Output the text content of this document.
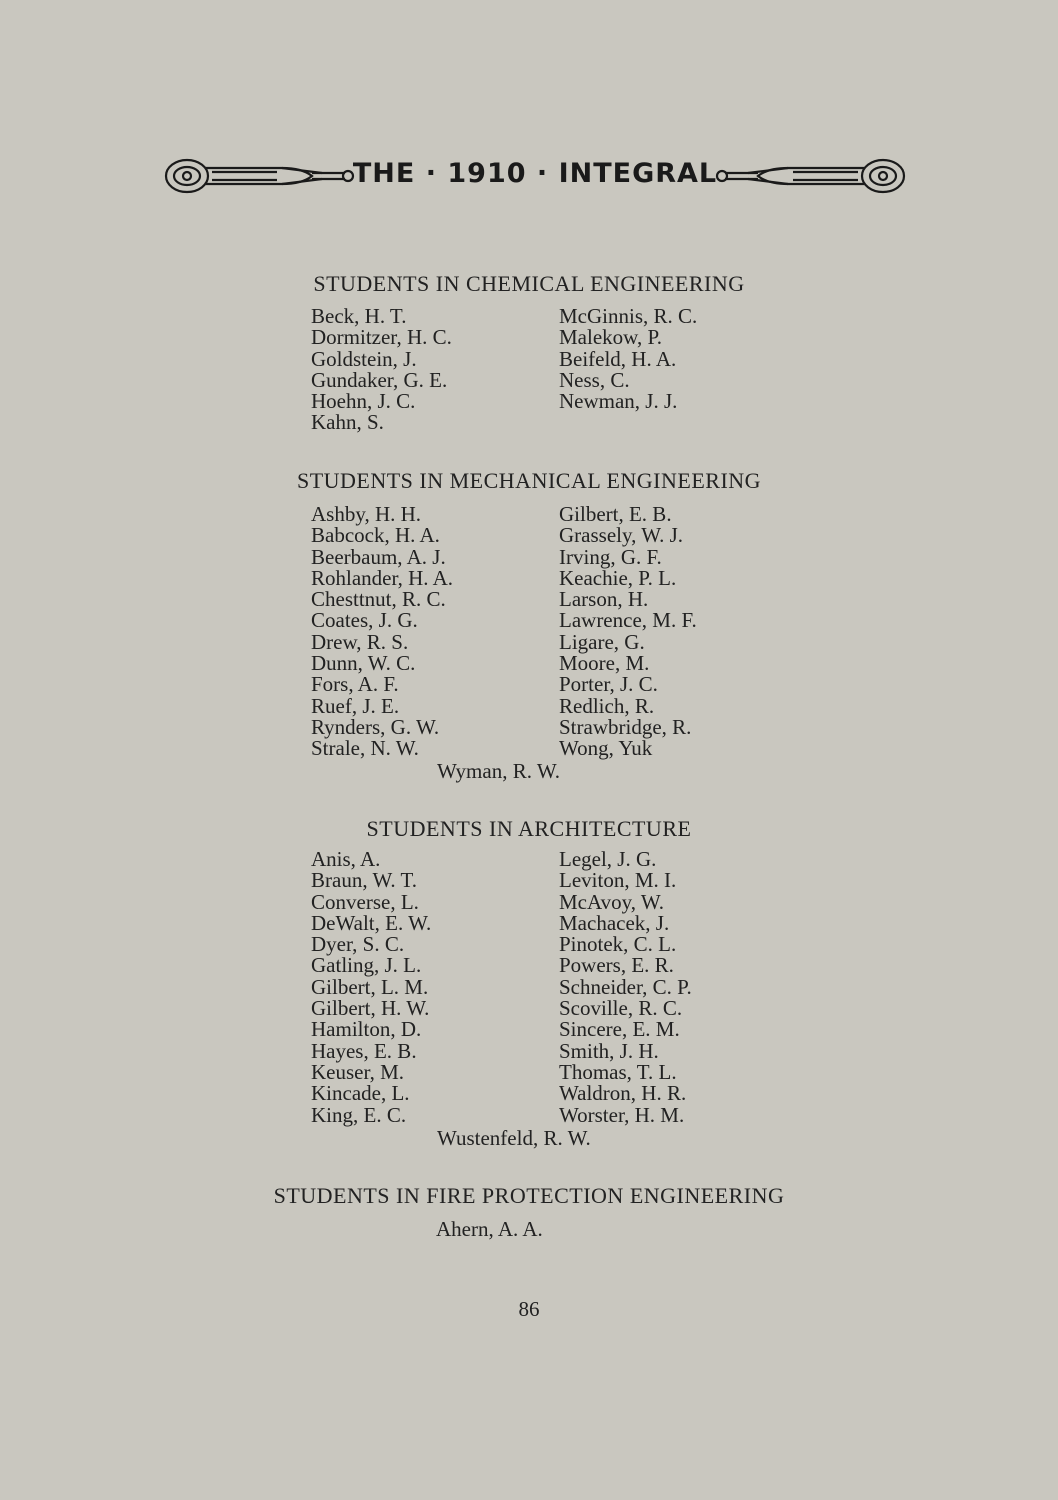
THE · 1910 · INTEGRAL
STUDENTS IN CHEMICAL ENGINEERING
Beck, H. T.
Dormitzer, H. C.
Goldstein, J.
Gundaker, G. E.
Hoehn, J. C.
Kahn, S.
McGinnis, R. C.
Malekow, P.
Beifeld, H. A.
Ness, C.
Newman, J. J.
STUDENTS IN MECHANICAL ENGINEERING
Ashby, H. H.
Babcock, H. A.
Beerbaum, A. J.
Rohlander, H. A.
Chesttnut, R. C.
Coates, J. G.
Drew, R. S.
Dunn, W. C.
Fors, A. F.
Ruef, J. E.
Rynders, G. W.
Strale, N. W.
Gilbert, E. B.
Grassely, W. J.
Irving, G. F.
Keachie, P. L.
Larson, H.
Lawrence, M. F.
Ligare, G.
Moore, M.
Porter, J. C.
Redlich, R.
Strawbridge, R.
Wong, Yuk
Wyman, R. W.
STUDENTS IN ARCHITECTURE
Anis, A.
Braun, W. T.
Converse, L.
DeWalt, E. W.
Dyer, S. C.
Gatling, J. L.
Gilbert, L. M.
Gilbert, H. W.
Hamilton, D.
Hayes, E. B.
Keuser, M.
Kincade, L.
King, E. C.
Legel, J. G.
Leviton, M. I.
McAvoy, W.
Machacek, J.
Pinotek, C. L.
Powers, E. R.
Schneider, C. P.
Scoville, R. C.
Sincere, E. M.
Smith, J. H.
Thomas, T. L.
Waldron, H. R.
Worster, H. M.
Wustenfeld, R. W.
STUDENTS IN FIRE PROTECTION ENGINEERING
Ahern, A. A.
86
